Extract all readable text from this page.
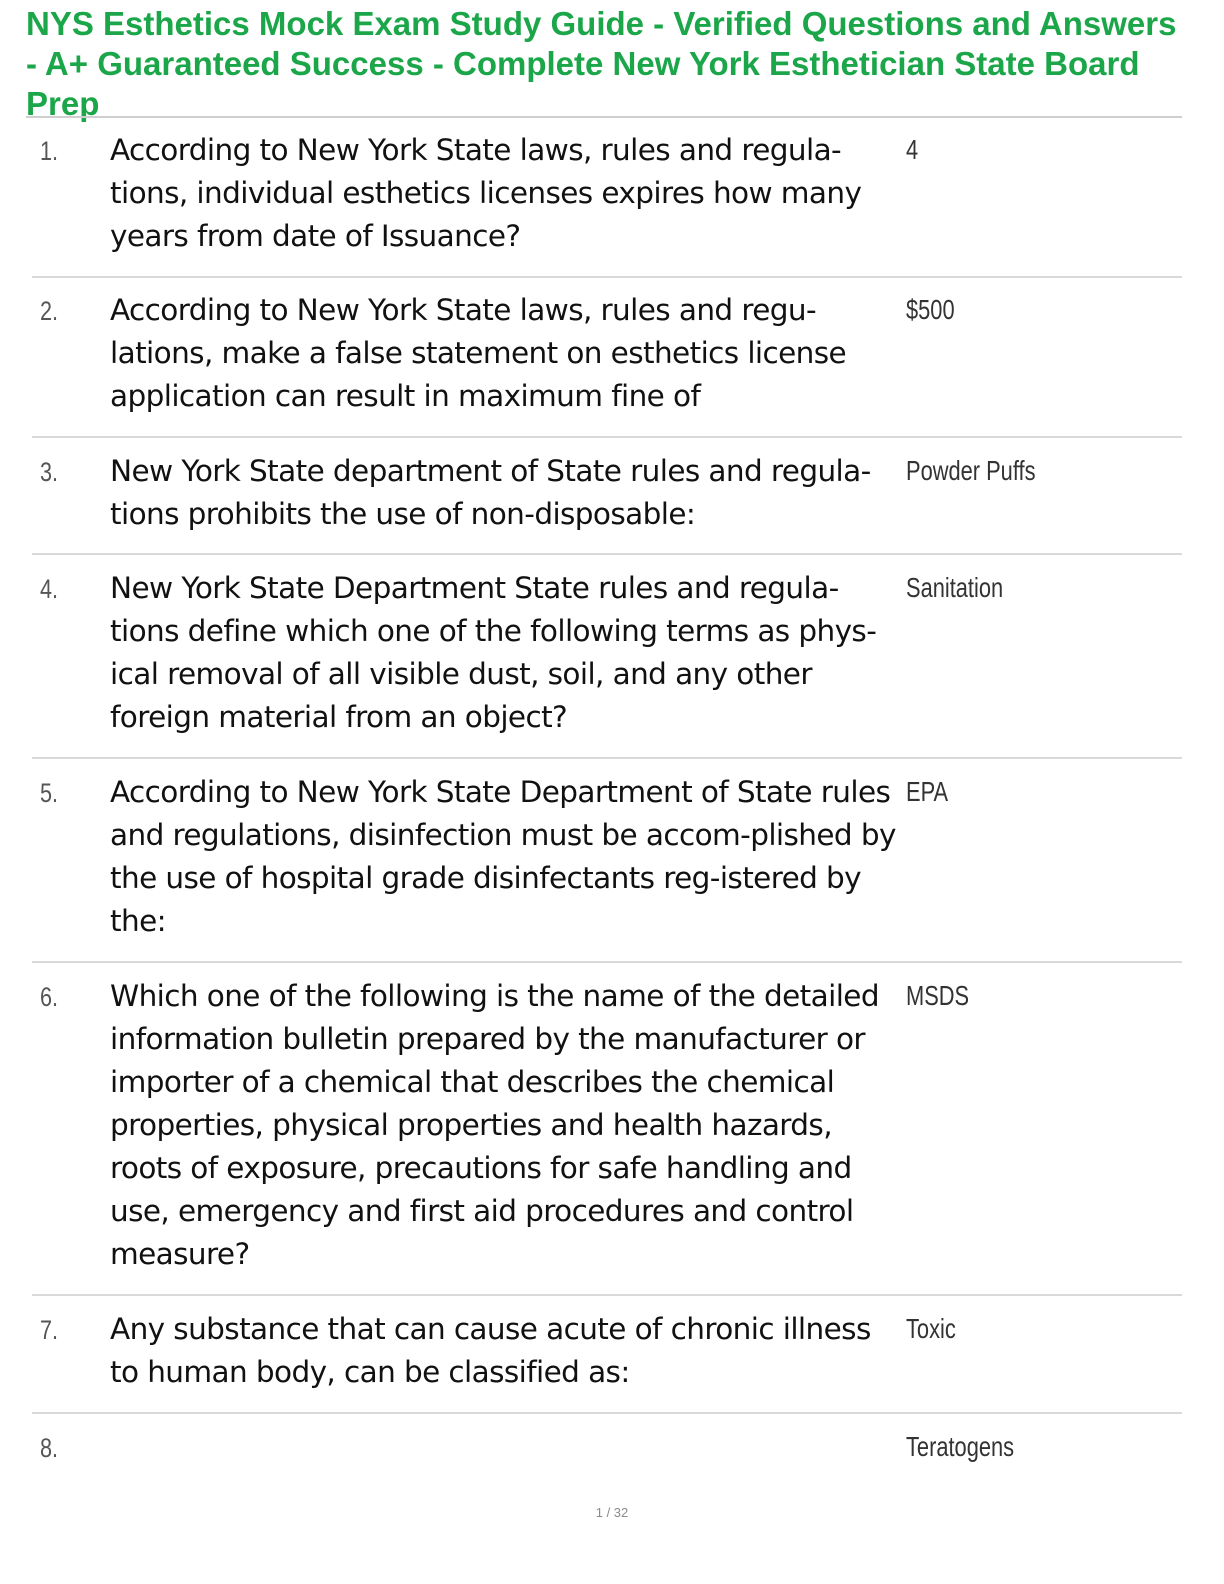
NYS Esthetics Mock Exam Study Guide - Verified Questions and Answers - A+ Guaranteed Success - Complete New York Esthetician State Board Prep
1. According to New York State laws, rules and regula-tions, individual esthetics licenses expires how many years from date of Issuance?
4
2. According to New York State laws, rules and regu-lations, make a false statement on esthetics license application can result in maximum fine of
$500
3. New York State department of State rules and regula-tions prohibits the use of non-disposable:
Powder Puffs
4. New York State Department State rules and regula-tions define which one of the following terms as phys-ical removal of all visible dust, soil, and any other foreign material from an object?
Sanitation
5. According to New York State Department of State rules and regulations, disinfection must be accom-plished by the use of hospital grade disinfectants reg-istered by the:
EPA
6. Which one of the following is the name of the detailed information bulletin prepared by the manufacturer or importer of a chemical that describes the chemical properties, physical properties and health hazards, roots of exposure, precautions for safe handling and use, emergency and first aid procedures and control measure?
MSDS
7. Any substance that can cause acute of chronic illness to human body, can be classified as:
Toxic
8.	Teratogens
1 / 32
